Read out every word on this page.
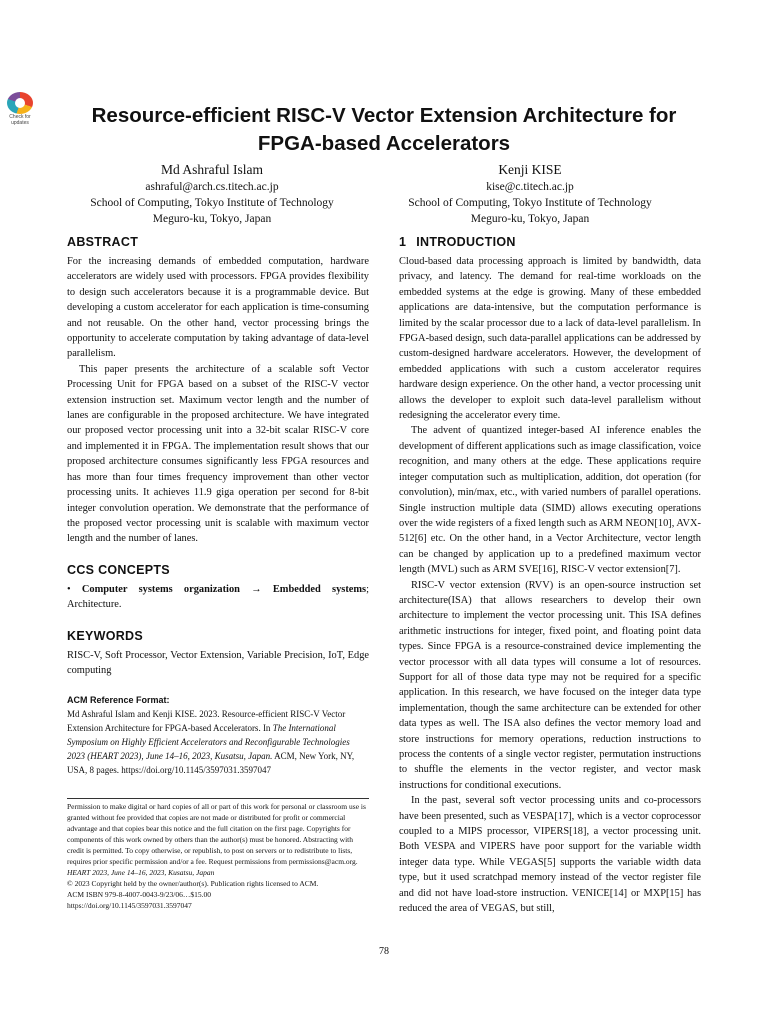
Check for
updates	Resource-efficient RISC-V Vector Extension Architecture for
FPGA-based Accelerators
Md Ashraful Islam
ashraful@arch.cs.titech.ac.jp
School of Computing, Tokyo Institute of Technology
Meguro-ku, Tokyo, Japan
Kenji KISE
kise@c.titech.ac.jp
School of Computing, Tokyo Institute of Technology
Meguro-ku, Tokyo, Japan
ABSTRACT

For the increasing demands of embedded computation, hardware accelerators are widely used with processors. FPGA provides flexibility to design such accelerators because it is a programmable device. But developing a custom accelerator for each application is time-consuming and not reusable. On the other hand, vector processing brings the opportunity to accelerate computation by taking advantage of data-level parallelism.

This paper presents the architecture of a scalable soft Vector Processing Unit for FPGA based on a subset of the RISC-V vector extension instruction set. Maximum vector length and the number of lanes are configurable in the proposed architecture. We have integrated our proposed vector processing unit into a 32-bit scalar RISC-V core and implemented it in FPGA. The implementation result shows that our proposed architecture consumes significantly less FPGA resources and has more than four times frequency improvement than other vector processing units. It achieves 11.9 giga operation per second for 8-bit integer convolution operation. We demonstrate that the performance of the proposed vector processing unit is scalable with maximum vector length and the number of lanes.

CCS CONCEPTS

• Computer systems organization → Embedded systems; Architecture.

KEYWORDS

RISC-V, Soft Processor, Vector Extension, Variable Precision, IoT, Edge computing

ACM Reference Format:
Md Ashraful Islam and Kenji KISE. 2023. Resource-efficient RISC-V Vector Extension Architecture for FPGA-based Accelerators. In The International Symposium on Highly Efficient Accelerators and Reconfigurable Technologies 2023 (HEART 2023), June 14–16, 2023, Kusatsu, Japan. ACM, New York, NY, USA, 8 pages. https://doi.org/10.1145/3597031.3597047

Permission to make digital or hard copies of all or part of this work for personal or classroom use is granted without fee provided that copies are not made or distributed for profit or commercial advantage and that copies bear this notice and the full citation on the first page. Copyrights for components of this work owned by others than the author(s) must be honored. Abstracting with credit is permitted. To copy otherwise, or republish, to post on servers or to redistribute to lists, requires prior specific permission and/or a fee. Request permissions from permissions@acm.org.

HEART 2023, June 14–16, 2023, Kusatsu, Japan

© 2023 Copyright held by the owner/author(s). Publication rights licensed to ACM.

ACM ISBN 979-8-4007-0043-9/23/06…$15.00

https://doi.org/10.1145/3597031.3597047

1 INTRODUCTION

Cloud-based data processing approach is limited by bandwidth, data privacy, and latency. The demand for real-time workloads on the embedded systems at the edge is growing. Many of these embedded applications are data-intensive, but the computation performance is limited by the scalar processor due to a lack of data-level parallelism. In FPGA-based design, such data-parallel applications can be addressed by custom-designed hardware accelerators. However, the development of embedded applications with such a custom accelerator requires hardware design experience. On the other hand, a vector processing unit allows the developer to exploit such data-level parallelism without redesigning the accelerator every time.

The advent of quantized integer-based AI inference enables the development of different applications such as image classification, voice recognition, and many others at the edge. These applications require integer computation such as multiplication, addition, dot operation (for convolution), min/max, etc., with varied numbers of parallel operations. Single instruction multiple data (SIMD) allows executing operations over the wide registers of a fixed length such as ARM NEON[10], AVX-512[6] etc. On the other hand, in a Vector Architecture, vector length can be changed by application up to a predefined maximum vector length (MVL) such as ARM SVE[16], RISC-V vector extension[7].

RISC-V vector extension (RVV) is an open-source instruction set architecture(ISA) that allows researchers to develop their own architecture to implement the vector processing unit. This ISA defines arithmetic instructions for integer, fixed point, and floating point data types. Since FPGA is a resource-constrained device implementing the vector processor with all data types will consume a lot of resources. Support for all of those data type may not be required for a specific application. In this research, we have focused on the integer data type implementation, though the same architecture can be extended for other data types as well. The ISA also defines the vector memory load and store instructions for memory operations, reduction instructions to process the contents of a single vector register, permutation instructions to shuffle the elements in the vector register, and vector mask instructions for conditional executions.

In the past, several soft vector processing units and co-processors have been presented, such as VESPA[17], which is a vector coprocessor coupled to a MIPS processor, VIPERS[18], a vector processing unit. Both VESPA and VIPERS have poor support for the variable width integer data type. While VEGAS[5] supports the variable width data type, but it used scratchpad memory instead of the vector register file and did not have load-store instruction. VENICE[14] or MXP[15] has reduced the area of VEGAS, but still,

78
